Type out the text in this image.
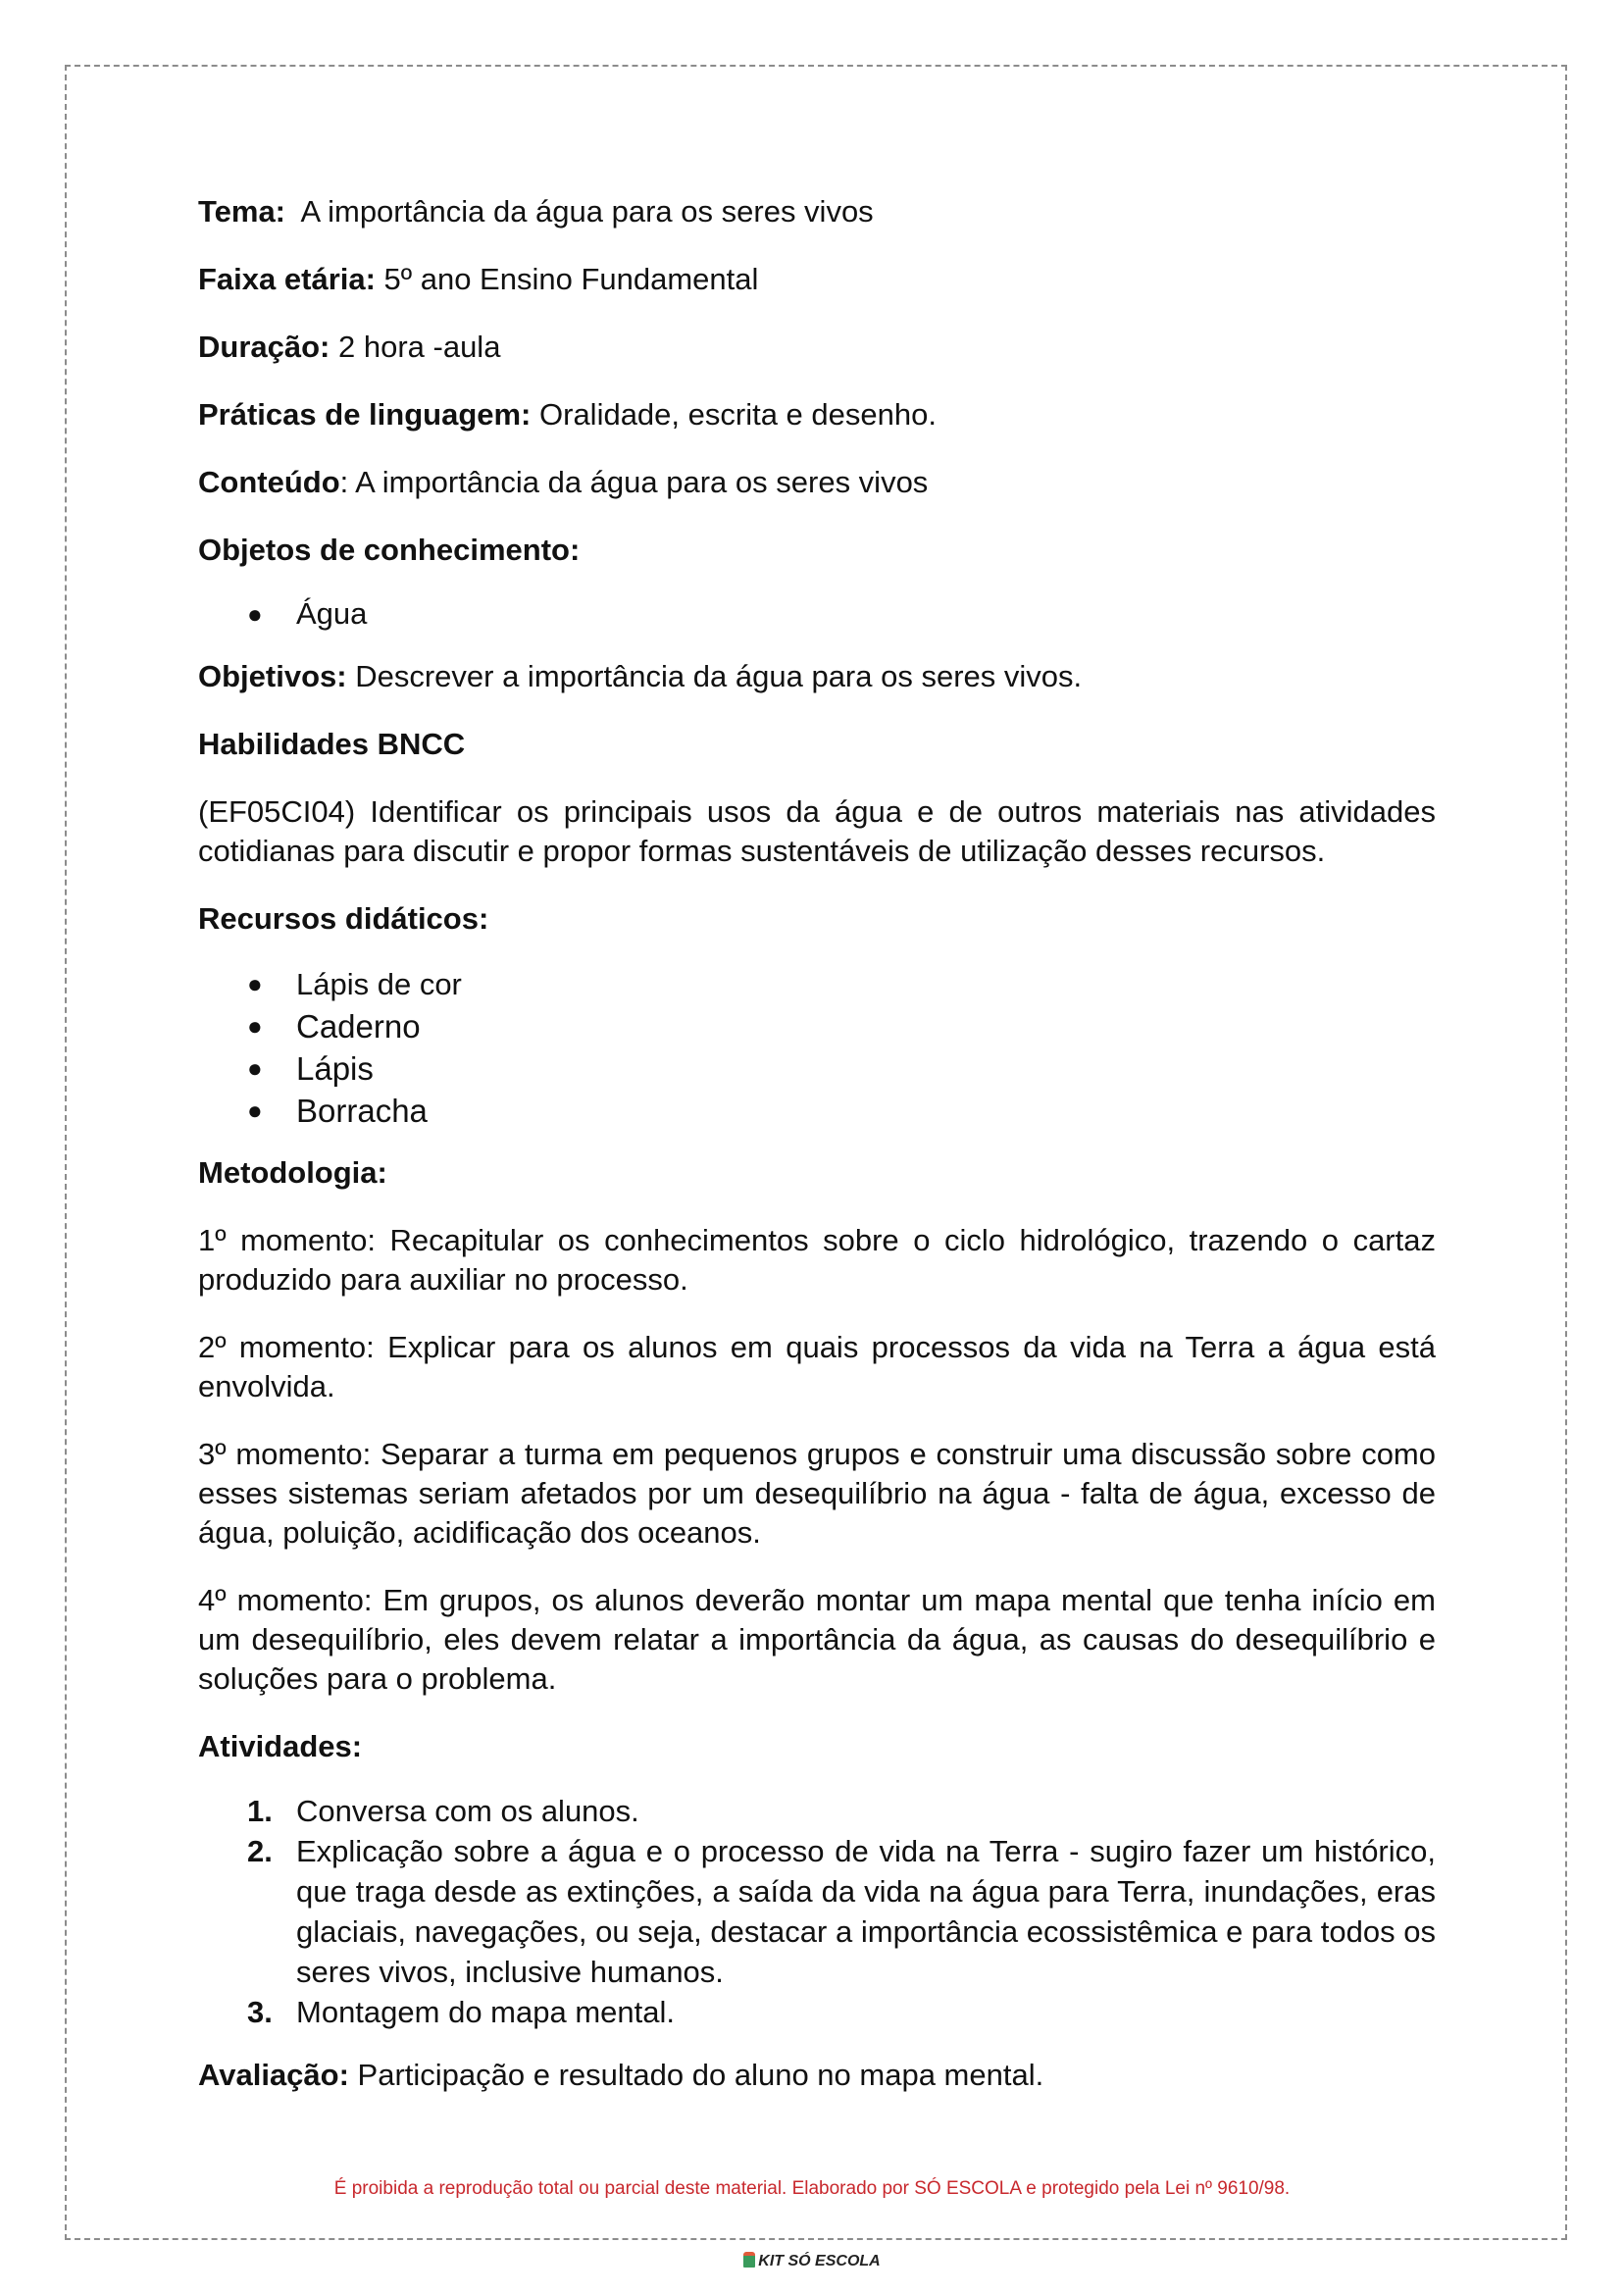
Tema:  A importância da água para os seres vivos

Faixa etária: 5º ano Ensino Fundamental

Duração: 2 hora -aula

Práticas de linguagem: Oralidade, escrita e desenho.

Conteúdo: A importância da água para os seres vivos

Objetos de conhecimento:

● Água

Objetivos: Descrever a importância da água para os seres vivos.

Habilidades BNCC

(EF05CI04) Identificar os principais usos da água e de outros materiais nas atividades cotidianas para discutir e propor formas sustentáveis de utilização desses recursos.

Recursos didáticos:

● Lápis de cor
● Caderno
● Lápis
● Borracha

Metodologia:

1º momento: Recapitular os conhecimentos sobre o ciclo hidrológico, trazendo o cartaz produzido para auxiliar no processo.

2º momento: Explicar para os alunos em quais processos da vida na Terra a água está envolvida.

3º momento: Separar a turma em pequenos grupos e construir uma discussão sobre como esses sistemas seriam afetados por um desequilíbrio na água - falta de água, excesso de água, poluição, acidificação dos oceanos.

4º momento: Em grupos, os alunos deverão montar um mapa mental que tenha início em um desequilíbrio, eles devem relatar a importância da água, as causas do desequilíbrio e soluções para o problema.

Atividades:

1. Conversa com os alunos.
2. Explicação sobre a água e o processo de vida na Terra - sugiro fazer um histórico, que traga desde as extinções, a saída da vida na água para Terra, inundações, eras glaciais, navegações, ou seja, destacar a importância ecossistêmica e para todos os seres vivos, inclusive humanos.
3. Montagem do mapa mental.

Avaliação: Participação e resultado do aluno no mapa mental.

É proibida a reprodução total ou parcial deste material. Elaborado por SÓ ESCOLA e protegido pela Lei nº 9610/98.
KIT SÓ ESCOLA
